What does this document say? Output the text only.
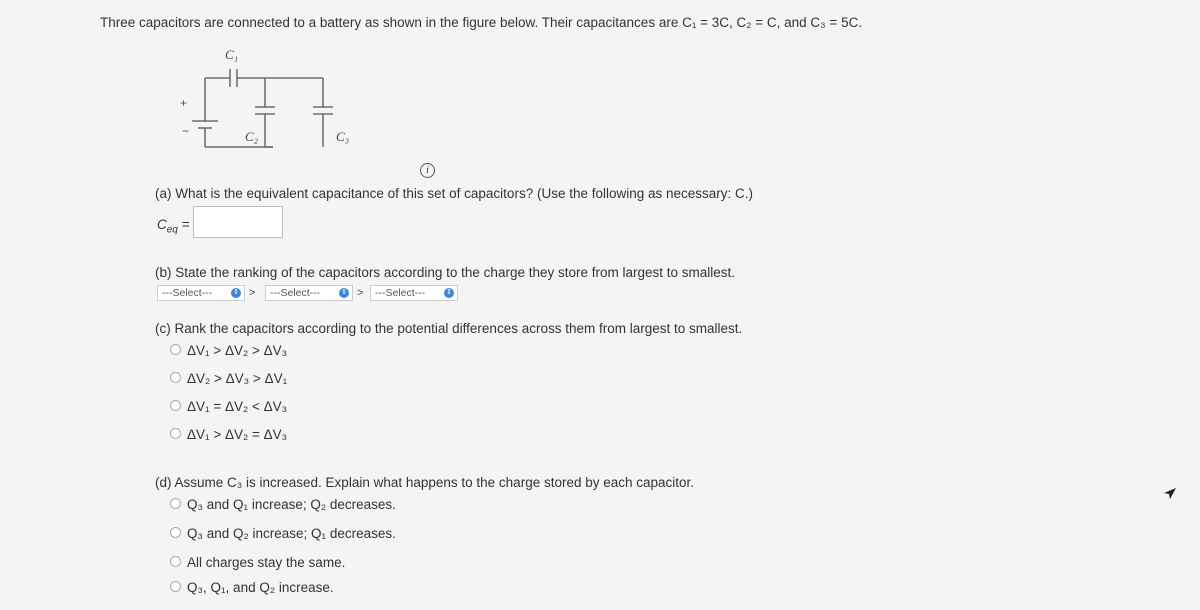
Three capacitors are connected to a battery as shown in the figure below. Their capacitances are C₁ = 3C, C₂ = C, and C₃ = 5C.
C₁
C₂	C₃
+
−
i
(a) What is the equivalent capacitance of this set of capacitors? (Use the following as necessary: C.)
$C_{eq}$ =
(b) State the ranking of the capacitors according to the charge they store from largest to smallest.
---Select---	⇕ >	---Select---	⇕ >	---Select---	⇕
(c) Rank the capacitors according to the potential differences across them from largest to smallest.
ΔV₁ > ΔV₂ > ΔV₃
ΔV₂ > ΔV₃ > ΔV₁
ΔV₁ = ΔV₂ < ΔV₃
ΔV₁ > ΔV₂ = ΔV₃
(d) Assume C₃ is increased. Explain what happens to the charge stored by each capacitor.
Q₃ and Q₁ increase; Q₂ decreases.
Q₃ and Q₂ increase; Q₁ decreases.
All charges stay the same.
Q₃, Q₁, and Q₂ increase.
